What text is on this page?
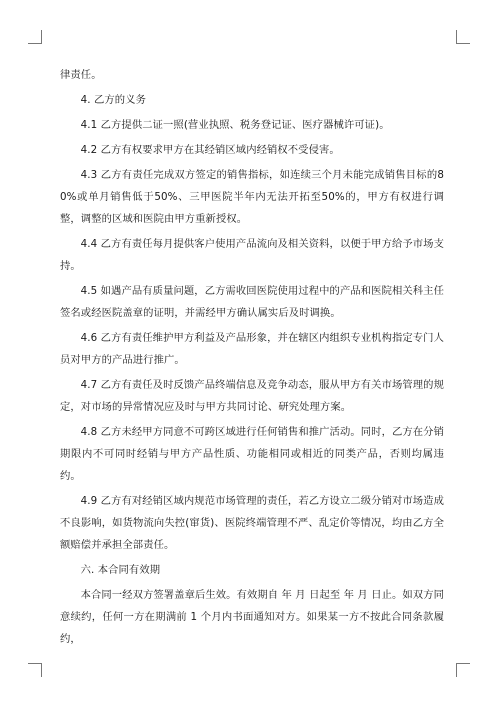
律责任。

4. 乙方的义务

4.1 乙方提供二证一照(营业执照、税务登记证、医疗器械许可证)。

4.2 乙方有权要求甲方在其经销区域内经销权不受侵害。

4.3 乙方有责任完成双方签定的销售指标，如连续三个月未能完成销售目标的80%或单月销售低于50%、三甲医院半年内无法开拓至50%的，甲方有权进行调整，调整的区域和医院由甲方重新授权。

4.4 乙方有责任每月提供客户使用产品流向及相关资料，以便于甲方给予市场支持。

4.5 如遇产品有质量问题，乙方需收回医院使用过程中的产品和医院相关科主任签名或经医院盖章的证明，并需经甲方确认属实后及时调换。

4.6 乙方有责任维护甲方利益及产品形象，并在辖区内组织专业机构指定专门人员对甲方的产品进行推广。

4.7 乙方有责任及时反馈产品终端信息及竞争动态，服从甲方有关市场管理的规定，对市场的异常情况应及时与甲方共同讨论、研究处理方案。

4.8 乙方未经甲方同意不可跨区域进行任何销售和推广活动。同时，乙方在分销期限内不可同时经销与甲方产品性质、功能相同或相近的同类产品，否则均属违约。

4.9 乙方有对经销区域内规范市场管理的责任，若乙方设立二级分销对市场造成不良影响，如货物流向失控(窜货)、医院终端管理不严、乱定价等情况，均由乙方全额赔偿并承担全部责任。

六. 本合同有效期

本合同一经双方签署盖章后生效。有效期自 年 月 日起至 年 月 日止。如双方同意续约，任何一方在期满前 1 个月内书面通知对方。如果某一方不按此合同条款履约，
